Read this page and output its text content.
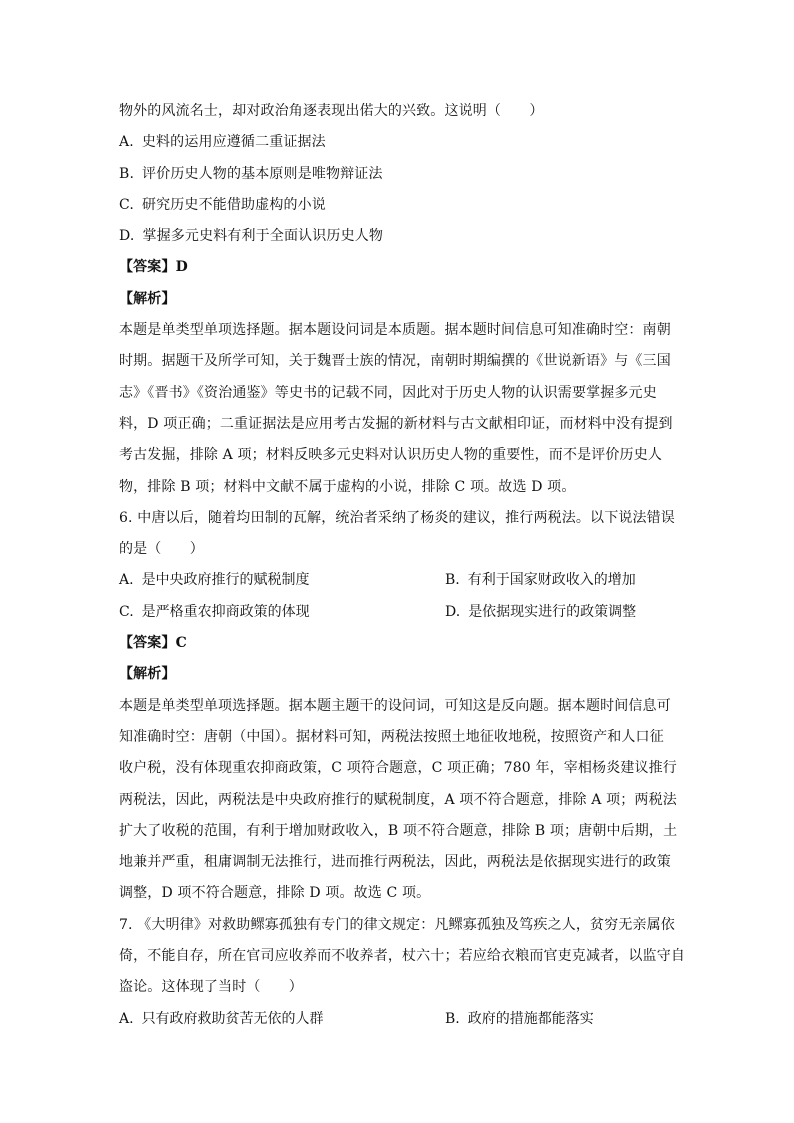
物外的风流名士，却对政治角逐表现出偌大的兴致。这说明（　　）
A. 史料的运用应遵循二重证据法
B. 评价历史人物的基本原则是唯物辩证法
C. 研究历史不能借助虚构的小说
D. 掌握多元史料有利于全面认识历史人物
【答案】D
【解析】
本题是单类型单项选择题。据本题设问词是本质题。据本题时间信息可知准确时空：南朝
时期。据题干及所学可知，关于魏晋士族的情况，南朝时期编撰的《世说新语》与《三国
志》《晋书》《资治通鉴》等史书的记载不同，因此对于历史人物的认识需要掌握多元史
料，D 项正确；二重证据法是应用考古发掘的新材料与古文献相印证，而材料中没有提到
考古发掘，排除 A 项；材料反映多元史料对认识历史人物的重要性，而不是评价历史人
物，排除 B 项；材料中文献不属于虚构的小说，排除 C 项。故选 D 项。
6. 中唐以后，随着均田制的瓦解，统治者采纳了杨炎的建议，推行两税法。以下说法错误
的是（　　）
A. 是中央政府推行的赋税制度	B. 有利于国家财政收入的增加
C. 是严格重农抑商政策的体现	D. 是依据现实进行的政策调整
【答案】C
【解析】
本题是单类型单项选择题。据本题主题干的设问词，可知这是反向题。据本题时间信息可
知准确时空：唐朝（中国）。据材料可知，两税法按照土地征收地税，按照资产和人口征
收户税，没有体现重农抑商政策，C 项符合题意，C 项正确；780 年，宰相杨炎建议推行
两税法，因此，两税法是中央政府推行的赋税制度，A 项不符合题意，排除 A 项；两税法
扩大了收税的范围，有利于增加财政收入，B 项不符合题意，排除 B 项；唐朝中后期，土
地兼并严重，租庸调制无法推行，进而推行两税法，因此，两税法是依据现实进行的政策
调整，D 项不符合题意，排除 D 项。故选 C 项。
7. 《大明律》对救助鳏寡孤独有专门的律文规定：凡鳏寡孤独及笃疾之人，贫穷无亲属依
倚，不能自存，所在官司应收养而不收养者，杖六十；若应给衣粮而官吏克减者，以监守自
盗论。这体现了当时（　　）
A. 只有政府救助贫苦无依的人群	B. 政府的措施都能落实
